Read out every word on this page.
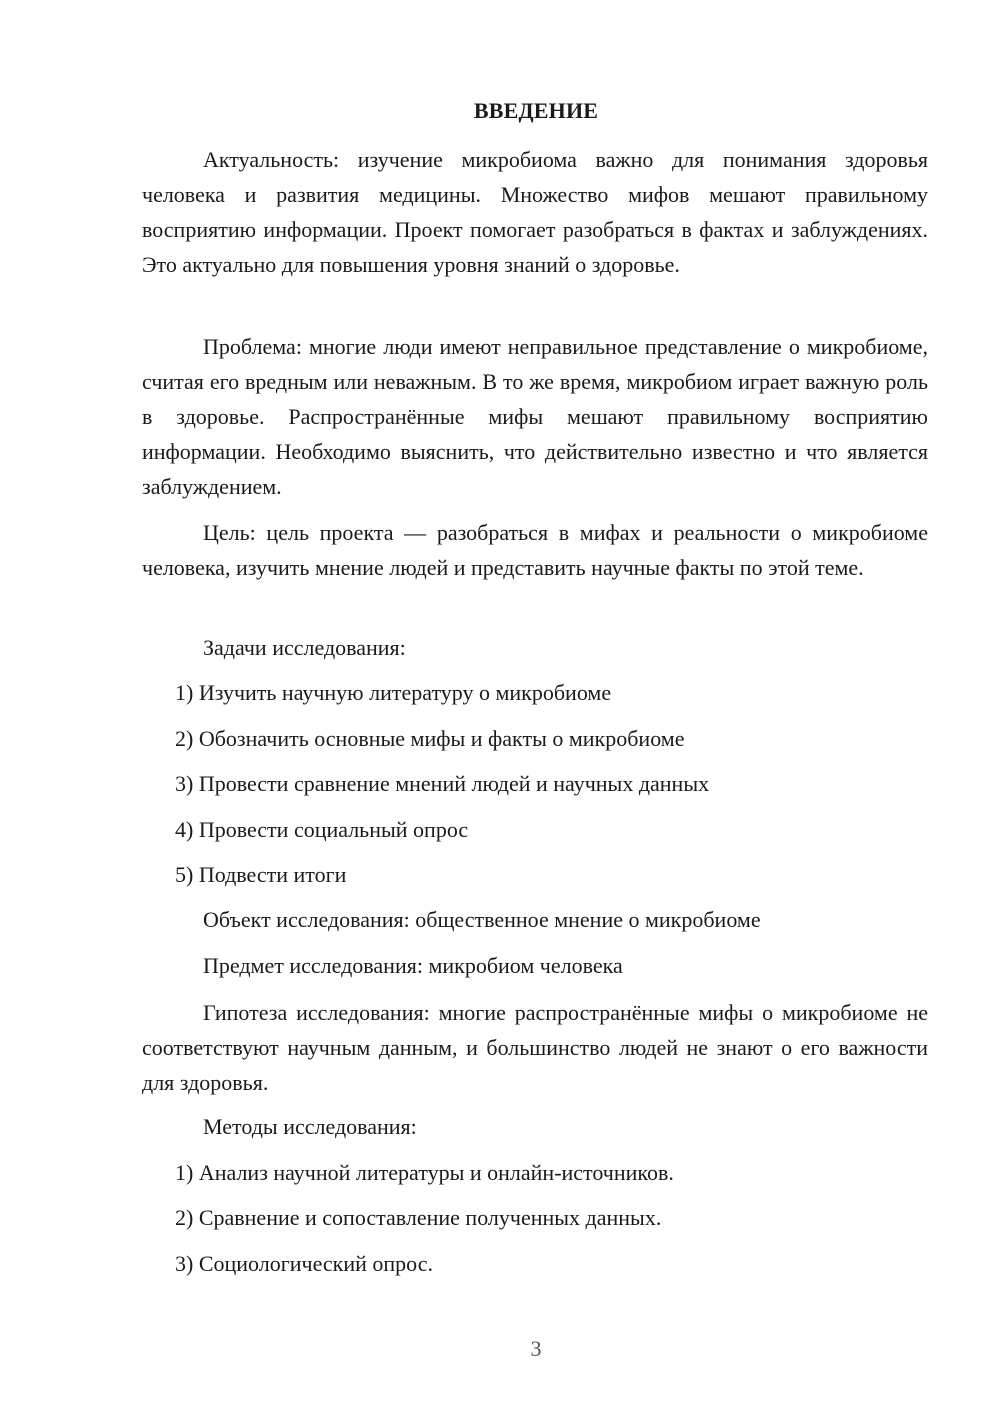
ВВЕДЕНИЕ

Актуальность: изучение микробиома важно для понимания здоровья человека и развития медицины. Множество мифов мешают правильному восприятию информации. Проект помогает разобраться в фактах и заблуждениях. Это актуально для повышения уровня знаний о здоровье.

Проблема: многие люди имеют неправильное представление о микробиоме, считая его вредным или неважным. В то же время, микробиом играет важную роль в здоровье. Распространённые мифы мешают правильному восприятию информации. Необходимо выяснить, что действительно известно и что является заблуждением.

Цель: цель проекта — разобраться в мифах и реальности о микробиоме человека, изучить мнение людей и представить научные факты по этой теме.

Задачи исследования:

1) Изучить научную литературу о микробиоме

2) Обозначить основные мифы и факты о микробиоме

3) Провести сравнение мнений людей и научных данных

4) Провести социальный опрос

5) Подвести итоги

Объект исследования: общественное мнение о микробиоме

Предмет исследования: микробиом человека

Гипотеза исследования: многие распространённые мифы о микробиоме не соответствуют научным данным, и большинство людей не знают о его важности для здоровья.

Методы исследования:

1) Анализ научной литературы и онлайн-источников.

2) Сравнение и сопоставление полученных данных.

3) Социологический опрос.

3
